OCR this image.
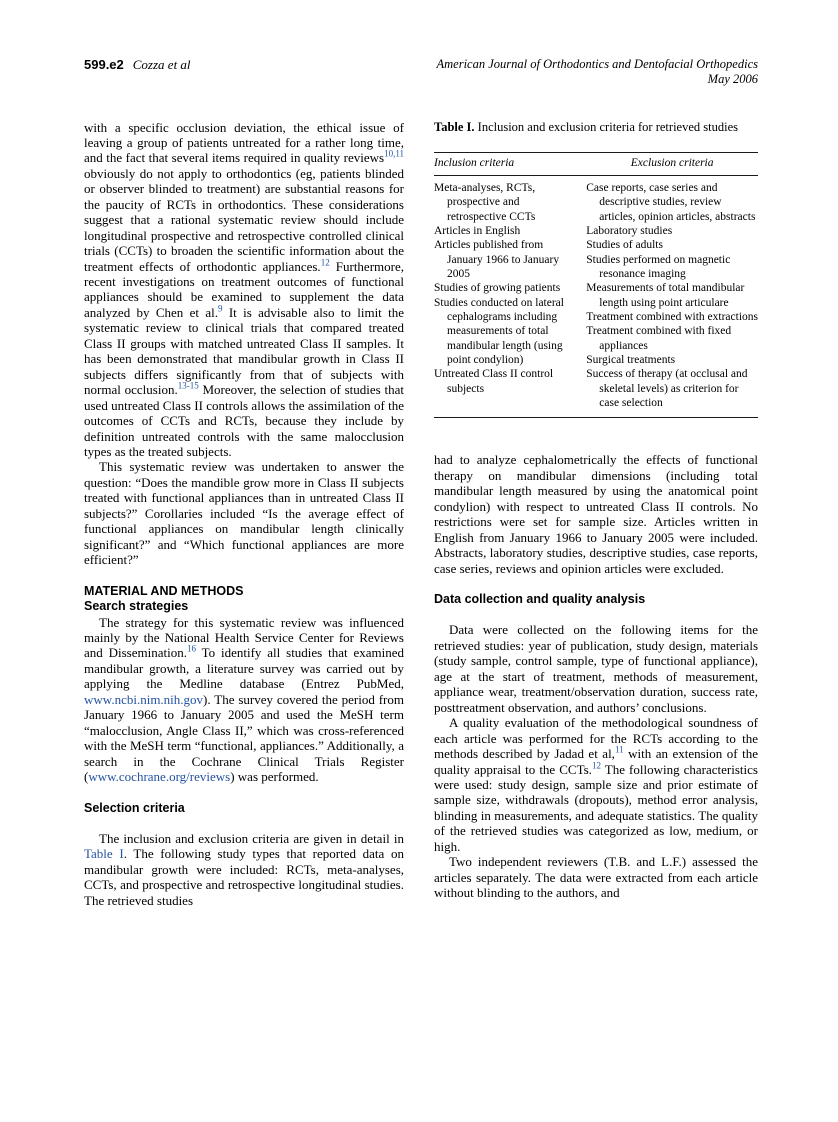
599.e2 Cozza et al	American Journal of Orthodontics and Dentofacial Orthopedics
May 2006

with a specific occlusion deviation, the ethical issue of leaving a group of patients untreated for a rather long time, and the fact that several items required in quality reviews$^{10,11}$ obviously do not apply to orthodontics (eg, patients blinded or observer blinded to treatment) are substantial reasons for the paucity of RCTs in orthodontics. These considerations suggest that a rational systematic review should include longitudinal prospective and retrospective controlled clinical trials (CCTs) to broaden the scientific information about the treatment effects of orthodontic appliances.$^{12}$ Furthermore, recent investigations on treatment outcomes of functional appliances should be examined to supplement the data analyzed by Chen et al.$^9$ It is advisable also to limit the systematic review to clinical trials that compared treated Class II groups with matched untreated Class II samples. It has been demonstrated that mandibular growth in Class II subjects differs significantly from that of subjects with normal occlusion.$^{13-15}$ Moreover, the selection of studies that used untreated Class II controls allows the assimilation of the outcomes of CCTs and RCTs, because they include by definition untreated controls with the same malocclusion types as the treated subjects.

This systematic review was undertaken to answer the question: “Does the mandible grow more in Class II subjects treated with functional appliances than in untreated Class II subjects?” Corollaries included “Is the average effect of functional appliances on mandibular length clinically significant?” and “Which functional appliances are more efficient?”

MATERIAL AND METHODS
Search strategies

The strategy for this systematic review was influenced mainly by the National Health Service Center for Reviews and Dissemination.$^{16}$ To identify all studies that examined mandibular growth, a literature survey was carried out by applying the Medline database (Entrez PubMed, www.ncbi.nim.nih.gov). The survey covered the period from January 1966 to January 2005 and used the MeSH term “malocclusion, Angle Class II,” which was cross-referenced with the MeSH term “functional, appliances.” Additionally, a search in the Cochrane Clinical Trials Register (www.cochrane.org/reviews) was performed.

Selection criteria

The inclusion and exclusion criteria are given in detail in Table I. The following study types that reported data on mandibular growth were included: RCTs, meta-analyses, CCTs, and prospective and retrospective longitudinal studies. The retrieved studies

Table I. Inclusion and exclusion criteria for retrieved studies
Inclusion criteria	Exclusion criteria
Meta-analyses, RCTs, prospective and retrospective CCTs
Articles in English
Articles published from January 1966 to January 2005
Studies of growing patients
Studies conducted on lateral cephalograms including measurements of total mandibular length (using point condylion)
Untreated Class II control subjects
Case reports, case series and descriptive studies, review articles, opinion articles, abstracts
Laboratory studies
Studies of adults
Studies performed on magnetic resonance imaging
Measurements of total mandibular length using point articulare
Treatment combined with extractions
Treatment combined with fixed appliances
Surgical treatments
Success of therapy (at occlusal and skeletal levels) as criterion for case selection

had to analyze cephalometrically the effects of functional therapy on mandibular dimensions (including total mandibular length measured by using the anatomical point condylion) with respect to untreated Class II controls. No restrictions were set for sample size. Articles written in English from January 1966 to January 2005 were included. Abstracts, laboratory studies, descriptive studies, case reports, case series, reviews and opinion articles were excluded.

Data collection and quality analysis

Data were collected on the following items for the retrieved studies: year of publication, study design, materials (study sample, control sample, type of functional appliance), age at the start of treatment, methods of measurement, appliance wear, treatment/observation duration, success rate, posttreatment observation, and authors’ conclusions.

A quality evaluation of the methodological soundness of each article was performed for the RCTs according to the methods described by Jadad et al,$^{11}$ with an extension of the quality appraisal to the CCTs.$^{12}$ The following characteristics were used: study design, sample size and prior estimate of sample size, withdrawals (dropouts), method error analysis, blinding in measurements, and adequate statistics. The quality of the retrieved studies was categorized as low, medium, or high.

Two independent reviewers (T.B. and L.F.) assessed the articles separately. The data were extracted from each article without blinding to the authors, and
